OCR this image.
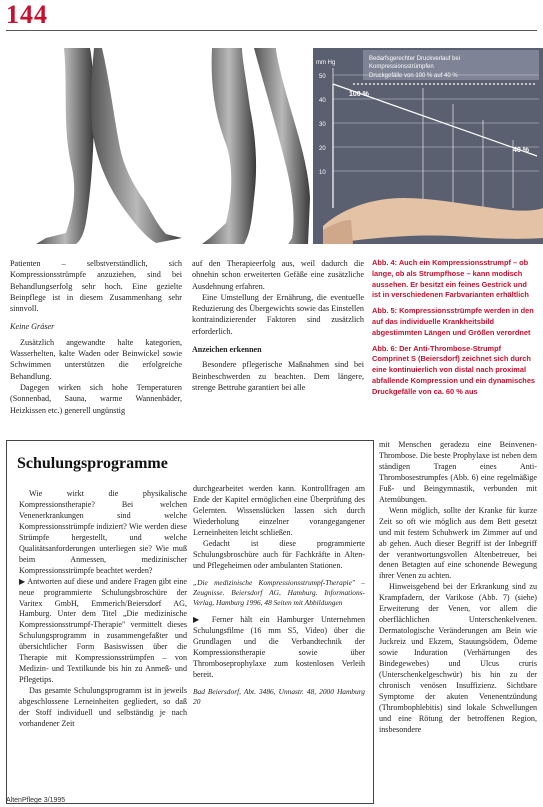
144
Bedarfsgerechter Druckverlauf bei
Kompressionsstrümpfen
Druckgefälle von 100 % auf 40 %
mm Hg
50
40
30
20
10
100 %
40 %

Patienten – selbstverständlich, sich Kompressionsstrümpfe anzuziehen, sind bei Behandlungserfolg sehr hoch. Eine gezielte Beinpflege ist in diesem Zusammenhang sehr sinnvoll.

Keine Gräser

Zusätzlich angewandte halte kategorien, Wasserhelten, kalte Waden oder Beinwickel sowie Schwimmen unterstützen die erfolgreiche Behandlung.

Dagegen wirken sich hohe Temperaturen (Sonnenbad, Sauna, warme Wannenbäder, Heizkissen etc.) generell ungünstig

auf den Therapieerfolg aus, weil dadurch die ohnehin schon erweiterten Gefäße eine zusätzliche Ausdehnung erfahren.

Eine Umstellung der Ernährung, die eventuelle Reduzierung des Übergewichts sowie das Einstellen kontraindizierender Faktoren sind zusätzlich erforderlich.

Anzeichen erkennen

Besondere pflegerische Maßnahmen sind bei Beinbeschwerden zu beachten. Dem längere, strenge Bettruhe garantiert bei alle

Abb. 4: Auch ein Kompressionsstrumpf – ob lange, ob als Strumpfhose – kann modisch aussehen. Er besitzt ein feines Gestrick und ist in verschiedenen Farbvarianten erhältlich
Abb. 5: Kompressionsstrümpfe werden in den auf das individuelle Krankheitsbild abgestimmten Längen und Größen verordnet
Abb. 6: Der Anti-Thrombose-Strumpf Comprinet S (Beiersdorf) zeichnet sich durch eine kontinuierlich von distal nach proximal abfallende Kompression und ein dynamisches Druckgefälle von ca. 60 % aus
Schulungsprogramme

Wie wirkt die physikalische Kompressionstherapie? Bei welchen Venenerkrankungen sind welche Kompressionsstrümpfe indiziert? Wie werden diese Strümpfe hergestellt, und welche Qualitätsanforderungen unterliegen sie? Wie muß beim Anmessen, medizinischer Kompressionsstrümpfe beachtet werden?

▶ Antworten auf diese und andere Fragen gibt eine neue programmierte Schulungsbroschüre der Varitex GmbH, Emmerich/Beiersdorf AG, Hamburg. Unter dem Titel „Die medizinische Kompressionsstrumpf-Therapie" vermittelt dieses Schulungsprogramm in zusammengefaßter und übersichtlicher Form Basiswissen über die Therapie mit Kompressionsstrümpfen – von Medizin- und Textilkunde bis hin zu Anmeß- und Pflegetips.

Das gesamte Schulungsprogramm ist in jeweils abgeschlossene Lerneinheiten gegliedert, so daß der Stoff individuell und selbständig je nach vorhandener Zeit

durchgearbeitet werden kann. Kontrollfragen am Ende der Kapitel ermöglichen eine Überprüfung des Gelernten. Wissenslücken lassen sich durch Wiederholung einzelner vorangegangener Lerneinheiten leicht schließen.

Gedacht ist diese programmierte Schulungsbroschüre auch für Fachkräfte in Alten- und Pflegeheimen oder ambulanten Stationen.

„Die medizinische Kompressionsstrumpf-Therapie" – Zeugnisse. Beiersdorf AG, Hamburg. Informations-Verlag, Hamburg 1996, 48 Seiten mit Abbildungen

▶ Ferner hält ein Hamburger Unternehmen Schulungsfilme (16 mm S5, Video) über die Grundlagen und die Verbandtechnik der Kompressionstherapie sowie über Thromboseprophylaxe zum kostenlosen Verleih bereit.

Bad Beiersdorf, Abt. 3486, Unnastr. 48, 2000 Hamburg 20

mit Menschen geradezu eine Beinvenen-Thrombose. Die beste Prophylaxe ist neben dem ständigen Tragen eines Anti-Thrombosestrumpfes (Abb. 6) eine regelmäßige Fuß- und Beingymnastik, verbunden mit Atemübungen.

Wenn möglich, sollte der Kranke für kurze Zeit so oft wie möglich aus dem Bett gesetzt und mit festem Schuhwerk im Zimmer auf und ab gehen. Auch dieser Begriff ist der Inbegriff der verantwortungsvollen Altenbetreuer, bei denen Betagten auf eine schonende Bewegung ihrer Venen zu achten.

Hinweisgebend bei der Erkrankung sind zu Krampfadern, der Varikose (Abb. 7) (siehe) Erweiterung der Venen, vor allem die oberflächlichen Unterschenkelvenen. Dermatologische Veränderungen am Bein wie Juckreiz und Ekzem, Stauungsödem, Ödeme sowie Induration (Verhärtungen des Bindegewebes) und Ulcus cruris (Unterschenkelgeschwür) bis hin zu der chronisch venösen Insuffizienz. Sichtbare Symptome der akuten Venenentzündung (Thrombophlebitis) sind lokale Schwellungen und eine Rötung der betroffenen Region, insbesondere

AltenPflege 3/1995
